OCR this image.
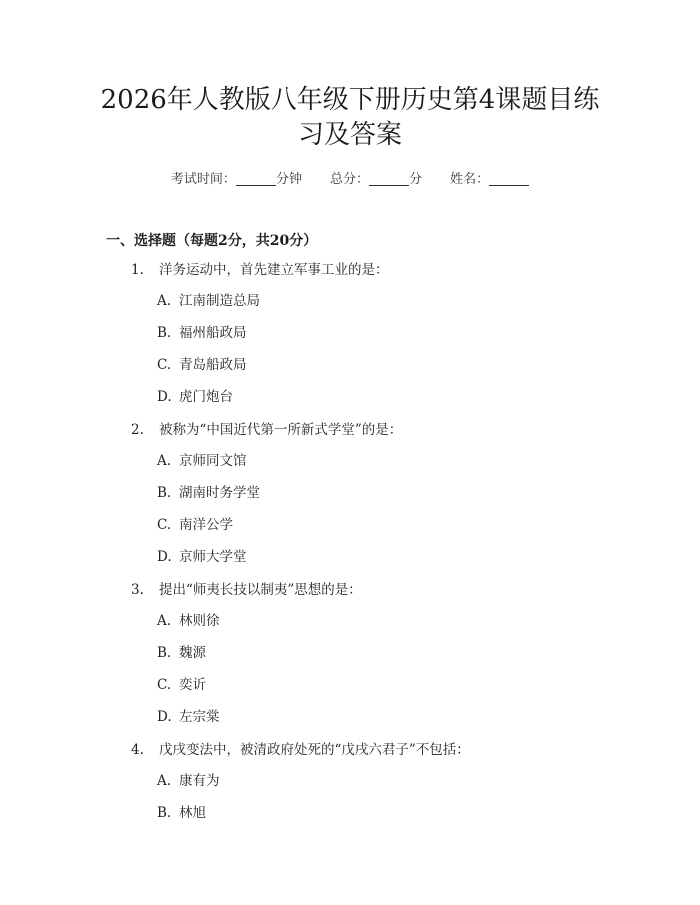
2026年人教版八年级下册历史第4课题目练
习及答案
考试时间：	分钟 总分：	分 姓名：
一、选择题（每题2分，共20分）
1. 洋务运动中，首先建立军事工业的是：
A. 江南制造总局
B. 福州船政局
C. 青岛船政局
D. 虎门炮台
2. 被称为“中国近代第一所新式学堂”的是：
A. 京师同文馆
B. 湖南时务学堂
C. 南洋公学
D. 京师大学堂
3. 提出“师夷长技以制夷”思想的是：
A. 林则徐
B. 魏源
C. 奕䜣
D. 左宗棠
4. 戊戌变法中，被清政府处死的“戊戌六君子”不包括：
A. 康有为
B. 林旭
